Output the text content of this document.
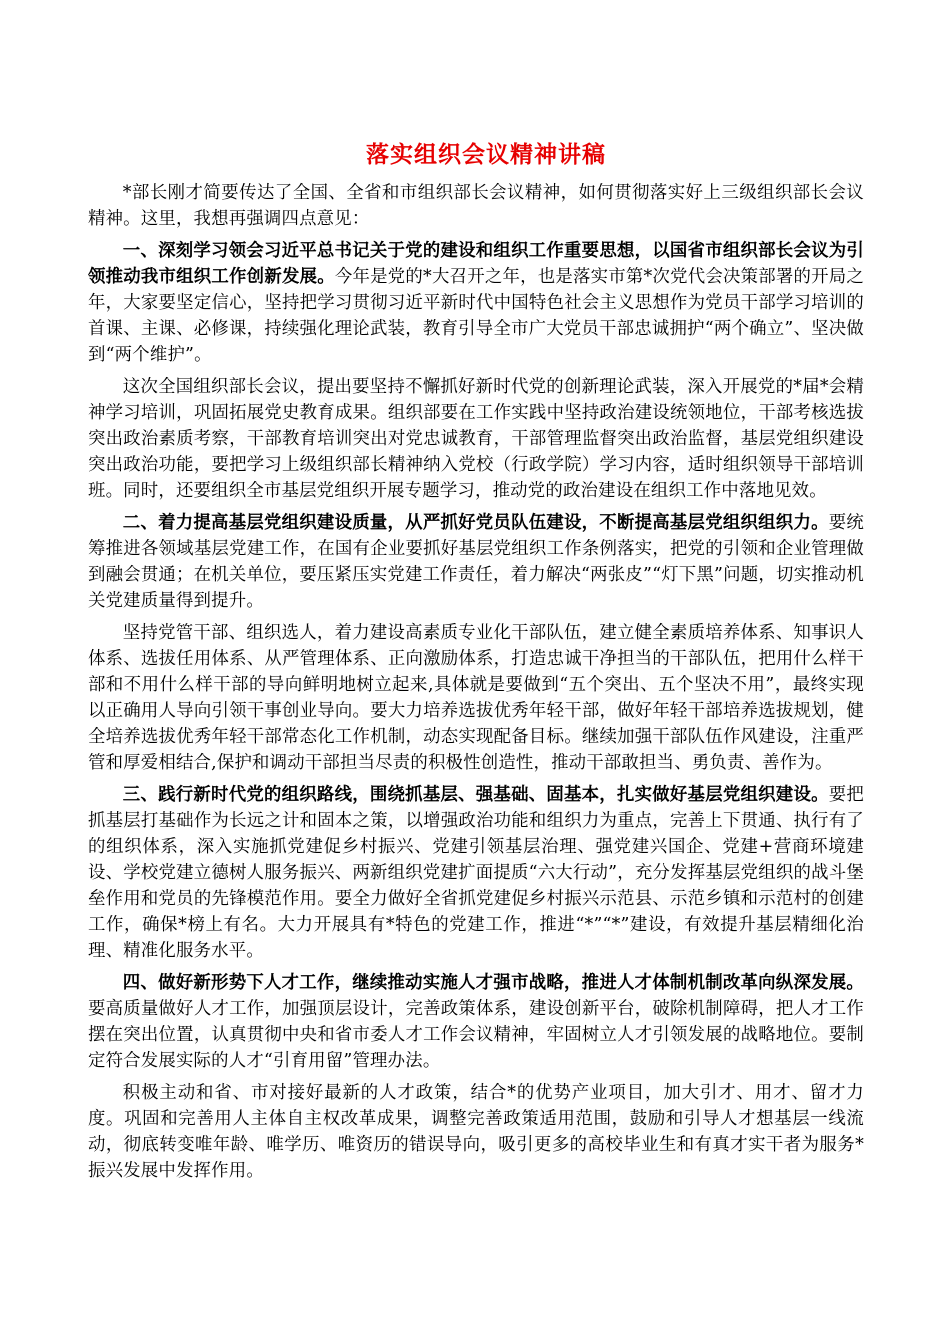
落实组织会议精神讲稿

*部长刚才简要传达了全国、全省和市组织部长会议精神，如何贯彻落实好上三级组织部长会议精神。这里，我想再强调四点意见：

一、深刻学习领会习近平总书记关于党的建设和组织工作重要思想，以国省市组织部长会议为引领推动我市组织工作创新发展。今年是党的*大召开之年，也是落实市第*次党代会决策部署的开局之年，大家要坚定信心，坚持把学习贯彻习近平新时代中国特色社会主义思想作为党员干部学习培训的首课、主课、必修课，持续强化理论武装，教育引导全市广大党员干部忠诚拥护“两个确立”、坚决做到“两个维护”。

这次全国组织部长会议，提出要坚持不懈抓好新时代党的创新理论武装，深入开展党的*届*会精神学习培训，巩固拓展党史教育成果。组织部要在工作实践中坚持政治建设统领地位，干部考核选拔突出政治素质考察，干部教育培训突出对党忠诚教育，干部管理监督突出政治监督，基层党组织建设突出政治功能，要把学习上级组织部长精神纳入党校（行政学院）学习内容，适时组织领导干部培训班。同时，还要组织全市基层党组织开展专题学习，推动党的政治建设在组织工作中落地见效。

二、着力提高基层党组织建设质量，从严抓好党员队伍建设，不断提高基层党组织组织力。要统筹推进各领域基层党建工作，在国有企业要抓好基层党组织工作条例落实，把党的引领和企业管理做到融会贯通；在机关单位，要压紧压实党建工作责任，着力解决“两张皮”“灯下黑”问题，切实推动机关党建质量得到提升。

坚持党管干部、组织选人，着力建设高素质专业化干部队伍，建立健全素质培养体系、知事识人体系、选拔任用体系、从严管理体系、正向激励体系，打造忠诚干净担当的干部队伍，把用什么样干部和不用什么样干部的导向鲜明地树立起来,具体就是要做到“五个突出、五个坚决不用”，最终实现以正确用人导向引领干事创业导向。要大力培养选拔优秀年轻干部，做好年轻干部培养选拔规划，健全培养选拔优秀年轻干部常态化工作机制，动态实现配备目标。继续加强干部队伍作风建设，注重严管和厚爱相结合,保护和调动干部担当尽责的积极性创造性，推动干部敢担当、勇负责、善作为。

三、践行新时代党的组织路线，围绕抓基层、强基础、固基本，扎实做好基层党组织建设。要把抓基层打基础作为长远之计和固本之策，以增强政治功能和组织力为重点，完善上下贯通、执行有了的组织体系，深入实施抓党建促乡村振兴、党建引领基层治理、强党建兴国企、党建+营商环境建设、学校党建立德树人服务振兴、两新组织党建扩面提质“六大行动”，充分发挥基层党组织的战斗堡垒作用和党员的先锋模范作用。要全力做好全省抓党建促乡村振兴示范县、示范乡镇和示范村的创建工作，确保*榜上有名。大力开展具有*特色的党建工作，推进“*”“*”建设，有效提升基层精细化治理、精准化服务水平。

四、做好新形势下人才工作，继续推动实施人才强市战略，推进人才体制机制改革向纵深发展。要高质量做好人才工作，加强顶层设计，完善政策体系，建设创新平台，破除机制障碍，把人才工作摆在突出位置，认真贯彻中央和省市委人才工作会议精神，牢固树立人才引领发展的战略地位。要制定符合发展实际的人才“引育用留”管理办法。

积极主动和省、市对接好最新的人才政策，结合*的优势产业项目，加大引才、用才、留才力度。巩固和完善用人主体自主权改革成果，调整完善政策适用范围，鼓励和引导人才想基层一线流动，彻底转变唯年龄、唯学历、唯资历的错误导向，吸引更多的高校毕业生和有真才实干者为服务*振兴发展中发挥作用。
